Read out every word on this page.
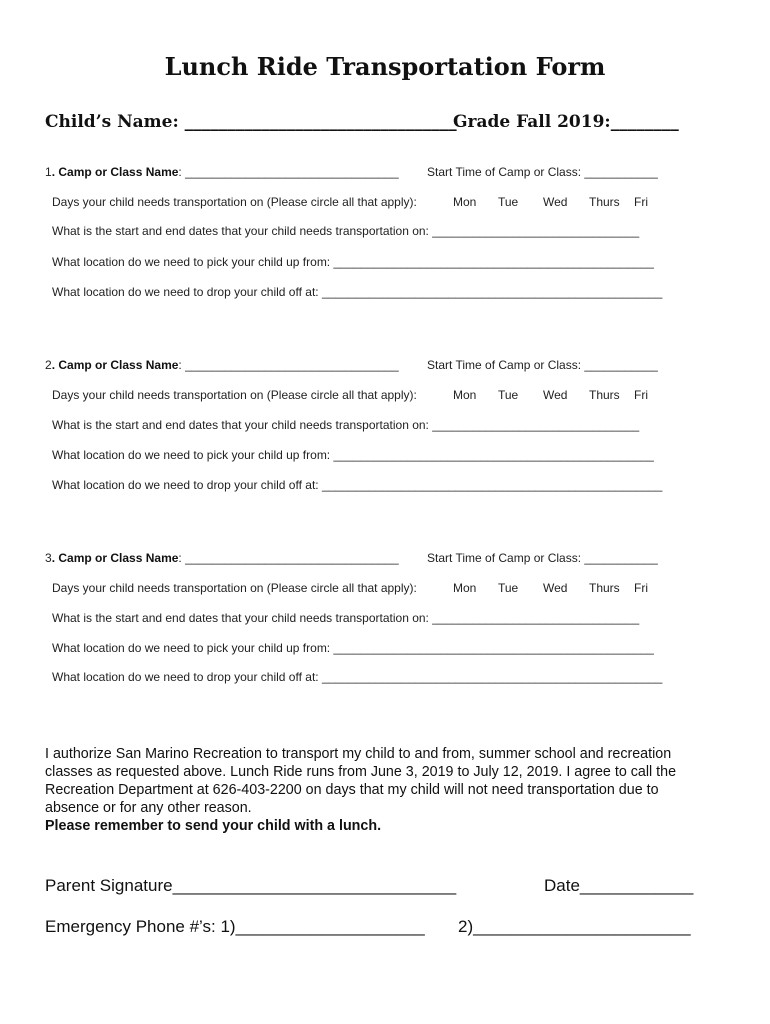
Lunch Ride Transportation Form
Child’s Name: ________________________________
Grade Fall 2019:________
1. Camp or Class Name: ________________________________ Start Time of Camp or Class: ___________
Days your child needs transportation on (Please circle all that apply):	Mon Tue Wed Thurs Fri
What is the start and end dates that your child needs transportation on: _______________________________
What location do we need to pick your child up from: ________________________________________________
What location do we need to drop your child off at: ___________________________________________________
2. Camp or Class Name: ________________________________ Start Time of Camp or Class: ___________
Days your child needs transportation on (Please circle all that apply):	Mon Tue Wed Thurs Fri
What is the start and end dates that your child needs transportation on: _______________________________
What location do we need to pick your child up from: ________________________________________________
What location do we need to drop your child off at: ___________________________________________________
3. Camp or Class Name: ________________________________ Start Time of Camp or Class: ___________
Days your child needs transportation on (Please circle all that apply):	Mon Tue Wed Thurs Fri
What is the start and end dates that your child needs transportation on: _______________________________
What location do we need to pick your child up from: ________________________________________________
What location do we need to drop your child off at: ___________________________________________________
I authorize San Marino Recreation to transport my child to and from, summer school and recreation
classes as requested above. Lunch Ride runs from June 3, 2019 to July 12, 2019. I agree to call the
Recreation Department at 626-403-2200 on days that my child will not need transportation due to
absence or for any other reason.
Please remember to send your child with a lunch.
Parent Signature______________________________	Date____________
Emergency Phone #’s: 1)____________________ 2)_______________________
